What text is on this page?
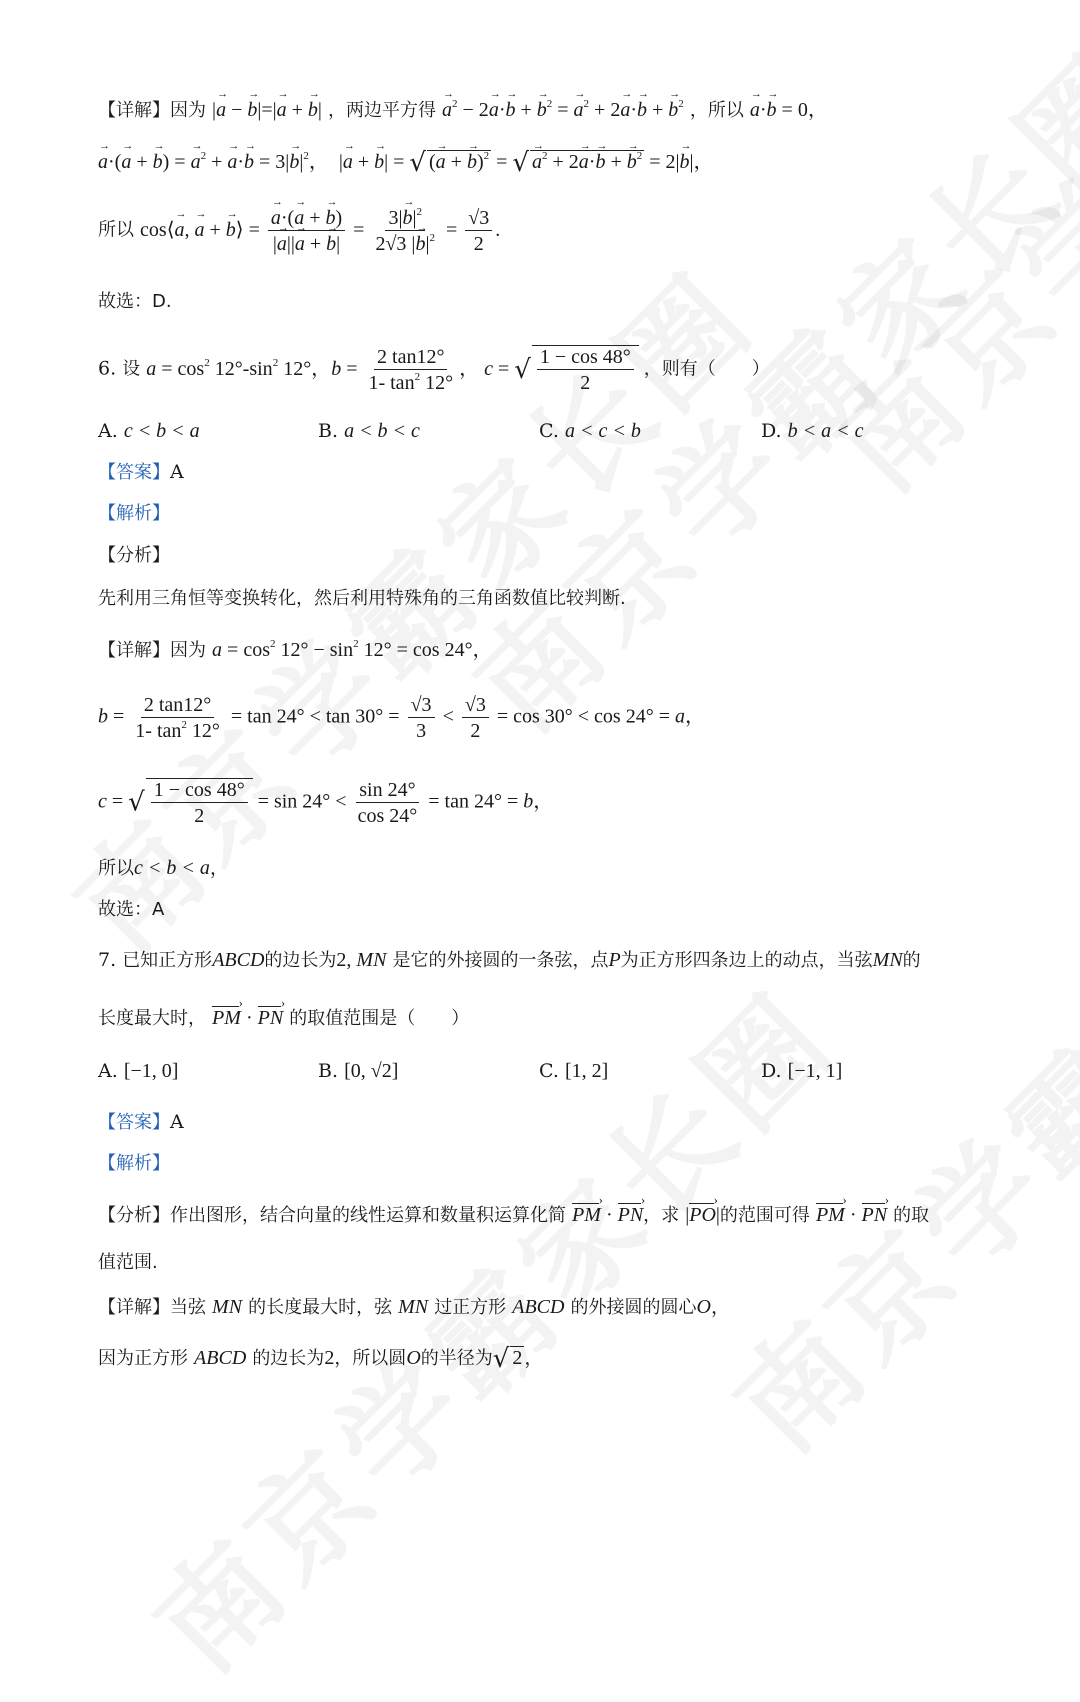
【详解】因为 |→ a − → b|=|→ a + → b| ，两边平方得 → $a^2 - 2\to a\cdot\to b$ + → $b^2$ = → $a^2 + 2\to a\cdot\to b$ + → $b^2$ ，所以 → a·→ b = 0，
→ a·(→ a + → b) = → $a^2$ + → $a\cdot\to b = 3|\to b|^2$，  |→ a + → b| = √ (→ a + → b)$^2$ = √ → $a^2 + 2\to a\cdot\to b$ + → $b^2 = 2|\to b|$，
所以 cos⟨→ a, → a + → b⟩ = → $\frac{a\cdot(\to a + \to b)}{|\to a||\to a + \to b|} = \frac{3|\to b|^2}{2√3 |\to b|^2} = \frac{√3}{2}$ .
故选：D.
6. 设 $a = \cos^2 12^\circ-\sin^2$ 12°，$b = \frac{2 \tan 12^\circ}{1- \tan^2 12^\circ}$ ， c = √ $\frac{1 - \cos 48^\circ}{2}$ ，则有（　　）
A. c < b < a	B. a < b < c	C. a < c < b	D. b < a < c
【答案】A
【解析】
【分析】
先利用三角恒等变换转化，然后利用特殊角的三角函数值比较判断.
【详解】因为 $a = \cos^2 12^\circ - \sin^2 12^\circ = \cos 24^\circ$，
$b = \frac{2 \tan 12^\circ}{1- \tan^2 12^\circ} = \tan 24^\circ < \tan 30^\circ = \frac{√3}{3} < \frac{√3}{2} = \cos 30^\circ < \cos 24^\circ = a$，
c = √ $\frac{1 - \cos 48^\circ}{2} = \sin 24^\circ < \frac{\sin 24^\circ}{\cos 24^\circ} = \tan 24^\circ = b$，
所以c < b < a，
故选：A
7. 已知正方形ABCD的边长为2, MN 是它的外接圆的一条弦，点P为正方形四条边上的动点，当弦MN的
长度最大时， PM › · PN › 的取值范围是（　　）
A. [−1, 0]	B. [0, √2]	C. [1, 2]	D. [−1, 1]
【答案】A
【解析】
【分析】作出图形，结合向量的线性运算和数量积运算化简 PM › · PN ›，求 |PO ›|的范围可得 PM › · PN › 的取
值范围.
【详解】当弦 MN 的长度最大时，弦 MN 过正方形 ABCD 的外接圆的圆心O，
因为正方形 ABCD 的边长为2，所以圆O的半径为√ 2 ，
